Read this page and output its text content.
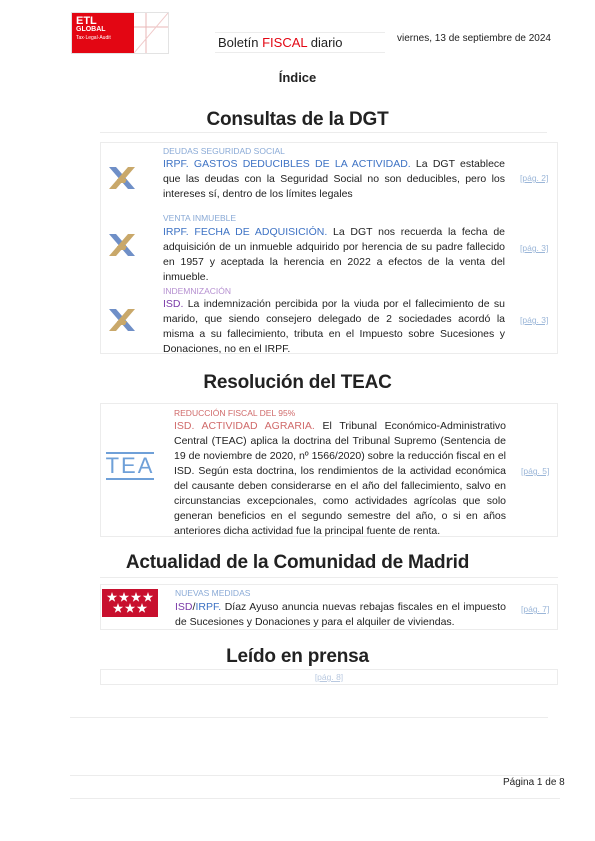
ETL
GLOBAL
Tax·Legal·Audit	Boletín FISCAL diario	viernes, 13 de septiembre de 2024
Índice
Consultas de la DGT
DEUDAS SEGURIDAD SOCIAL
IRPF. GASTOS DEDUCIBLES DE LA ACTIVIDAD. La DGT establece que las deudas con la Seguridad Social no son deducibles, pero los intereses sí, dentro de los límites legales
[pág. 2]
VENTA INMUEBLE
IRPF. FECHA DE ADQUISICIÓN. La DGT nos recuerda la fecha de adquisición de un inmueble adquirido por herencia de su padre fallecido en 1957 y aceptada la herencia en 2022 a efectos de la venta del inmueble.
[pág. 3]
INDEMNIZACIÓN
ISD. La indemnización percibida por la viuda por el fallecimiento de su marido, que siendo consejero delegado de 2 sociedades acordó la misma a su fallecimiento, tributa en el Impuesto sobre Sucesiones y Donaciones, no en el IRPF.
[pág. 3]
Resolución del TEAC
TEA
REDUCCIÓN FISCAL DEL 95%
ISD. ACTIVIDAD AGRARIA. El Tribunal Económico-Administrativo Central (TEAC) aplica la doctrina del Tribunal Supremo (Sentencia de 19 de noviembre de 2020, nº 1566/2020) sobre la reducción fiscal en el ISD. Según esta doctrina, los rendimientos de la actividad económica del causante deben considerarse en el año del fallecimiento, salvo en circunstancias excepcionales, como actividades agrícolas que solo generan beneficios en el segundo semestre del año, o si en años anteriores dicha actividad fue la principal fuente de renta.
[pág. 5]
Actualidad de la Comunidad de Madrid
NUEVAS MEDIDAS
ISD/IRPF. Díaz Ayuso anuncia nuevas rebajas fiscales en el impuesto de Sucesiones y Donaciones y para el alquiler de viviendas.
[pág. 7]
Leído en prensa
[pág. 8]
Página 1 de 8
